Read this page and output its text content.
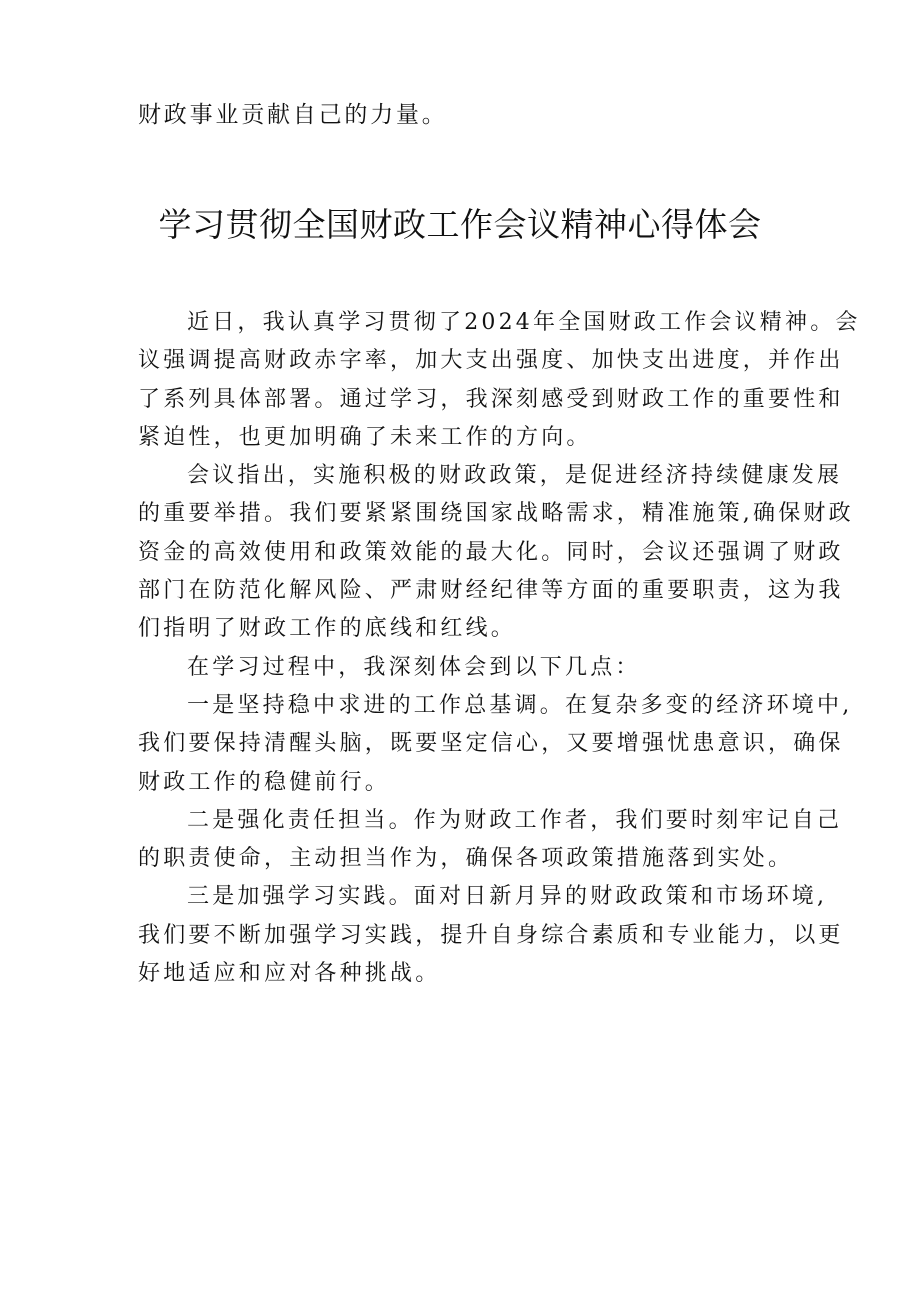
财政事业贡献自己的力量。
学习贯彻全国财政工作会议精神心得体会
近日，我认真学习贯彻了2024年全国财政工作会议精神。会
议强调提高财政赤字率，加大支出强度、加快支出进度，并作出
了系列具体部署。通过学习，我深刻感受到财政工作的重要性和
紧迫性，也更加明确了未来工作的方向。
会议指出，实施积极的财政政策，是促进经济持续健康发展
的重要举措。我们要紧紧围绕国家战略需求，精准施策,确保财政
资金的高效使用和政策效能的最大化。同时，会议还强调了财政
部门在防范化解风险、严肃财经纪律等方面的重要职责，这为我
们指明了财政工作的底线和红线。
在学习过程中，我深刻体会到以下几点：
一是坚持稳中求进的工作总基调。在复杂多变的经济环境中,
我们要保持清醒头脑，既要坚定信心，又要增强忧患意识，确保
财政工作的稳健前行。
二是强化责任担当。作为财政工作者，我们要时刻牢记自己
的职责使命，主动担当作为，确保各项政策措施落到实处。
三是加强学习实践。面对日新月异的财政政策和市场环境,
我们要不断加强学习实践，提升自身综合素质和专业能力，以更
好地适应和应对各种挑战。
